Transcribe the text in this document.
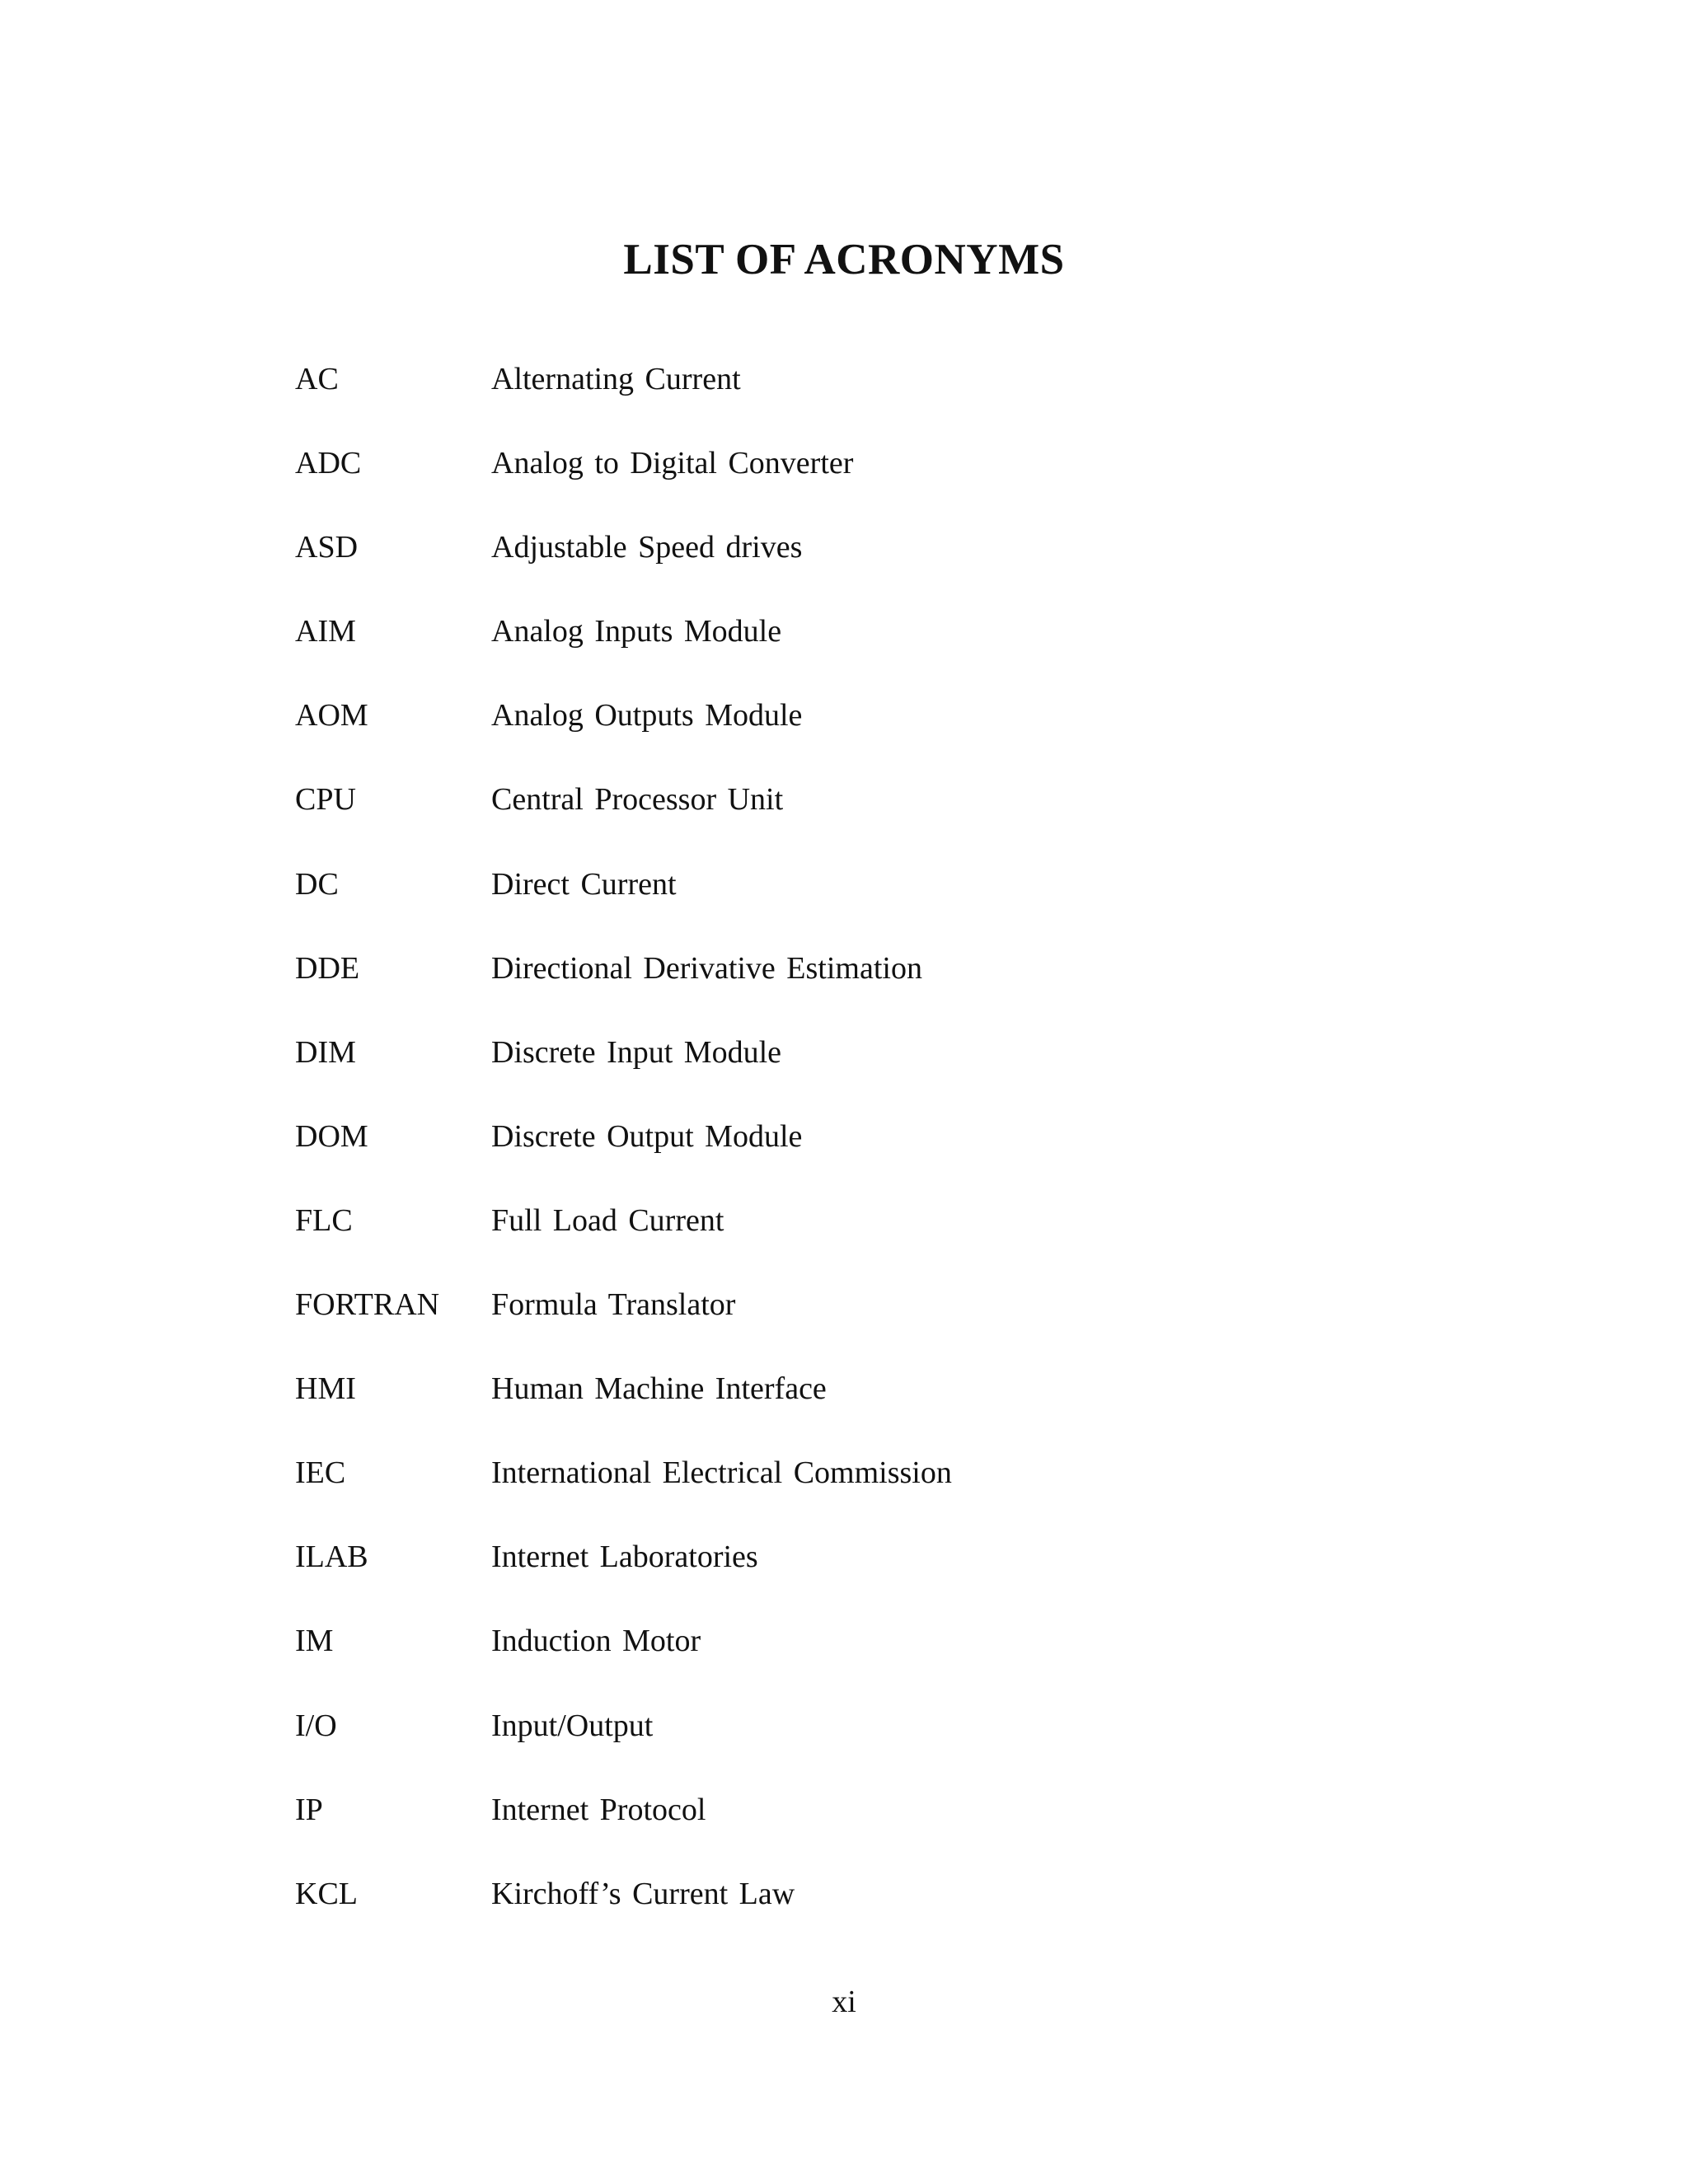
LIST OF ACRONYMS
AC	Alternating Current
ADC	Analog to Digital Converter
ASD	Adjustable Speed drives
AIM	Analog Inputs Module
AOM	Analog Outputs Module
CPU	Central Processor Unit
DC	Direct Current
DDE	Directional Derivative Estimation
DIM	Discrete Input Module
DOM	Discrete Output Module
FLC	Full Load Current
FORTRAN	Formula Translator
HMI	Human Machine Interface
IEC	International Electrical Commission
ILAB	Internet Laboratories
IM	Induction Motor
I/O	Input/Output
IP	Internet Protocol
KCL	Kirchoff’s Current Law
xi
